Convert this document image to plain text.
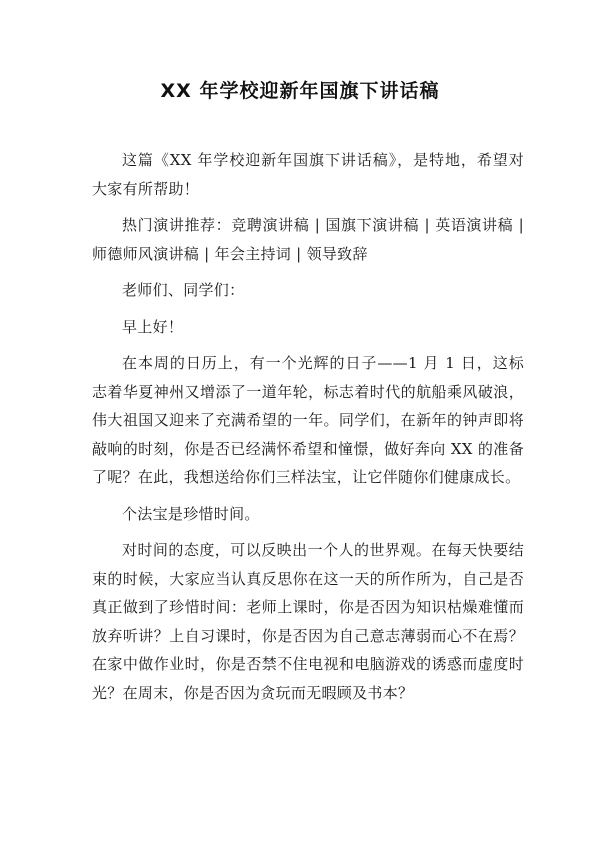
XX 年学校迎新年国旗下讲话稿

这篇《XX 年学校迎新年国旗下讲话稿》，是特地，希望对大家有所帮助！

热门演讲推荐：竞聘演讲稿 | 国旗下演讲稿 | 英语演讲稿 | 师德师风演讲稿 | 年会主持词 | 领导致辞

老师们、同学们：

早上好！

在本周的日历上，有一个光辉的日子——1 月 1 日，这标志着华夏神州又增添了一道年轮，标志着时代的航船乘风破浪，伟大祖国又迎来了充满希望的一年。同学们，在新年的钟声即将敲响的时刻，你是否已经满怀希望和憧憬，做好奔向 XX 的准备了呢？在此，我想送给你们三样法宝，让它伴随你们健康成长。

个法宝是珍惜时间。

对时间的态度，可以反映出一个人的世界观。在每天快要结束的时候，大家应当认真反思你在这一天的所作所为，自己是否真正做到了珍惜时间：老师上课时，你是否因为知识枯燥难懂而放弃听讲？上自习课时，你是否因为自己意志薄弱而心不在焉？在家中做作业时，你是否禁不住电视和电脑游戏的诱惑而虚度时光？在周末，你是否因为贪玩而无暇顾及书本？
